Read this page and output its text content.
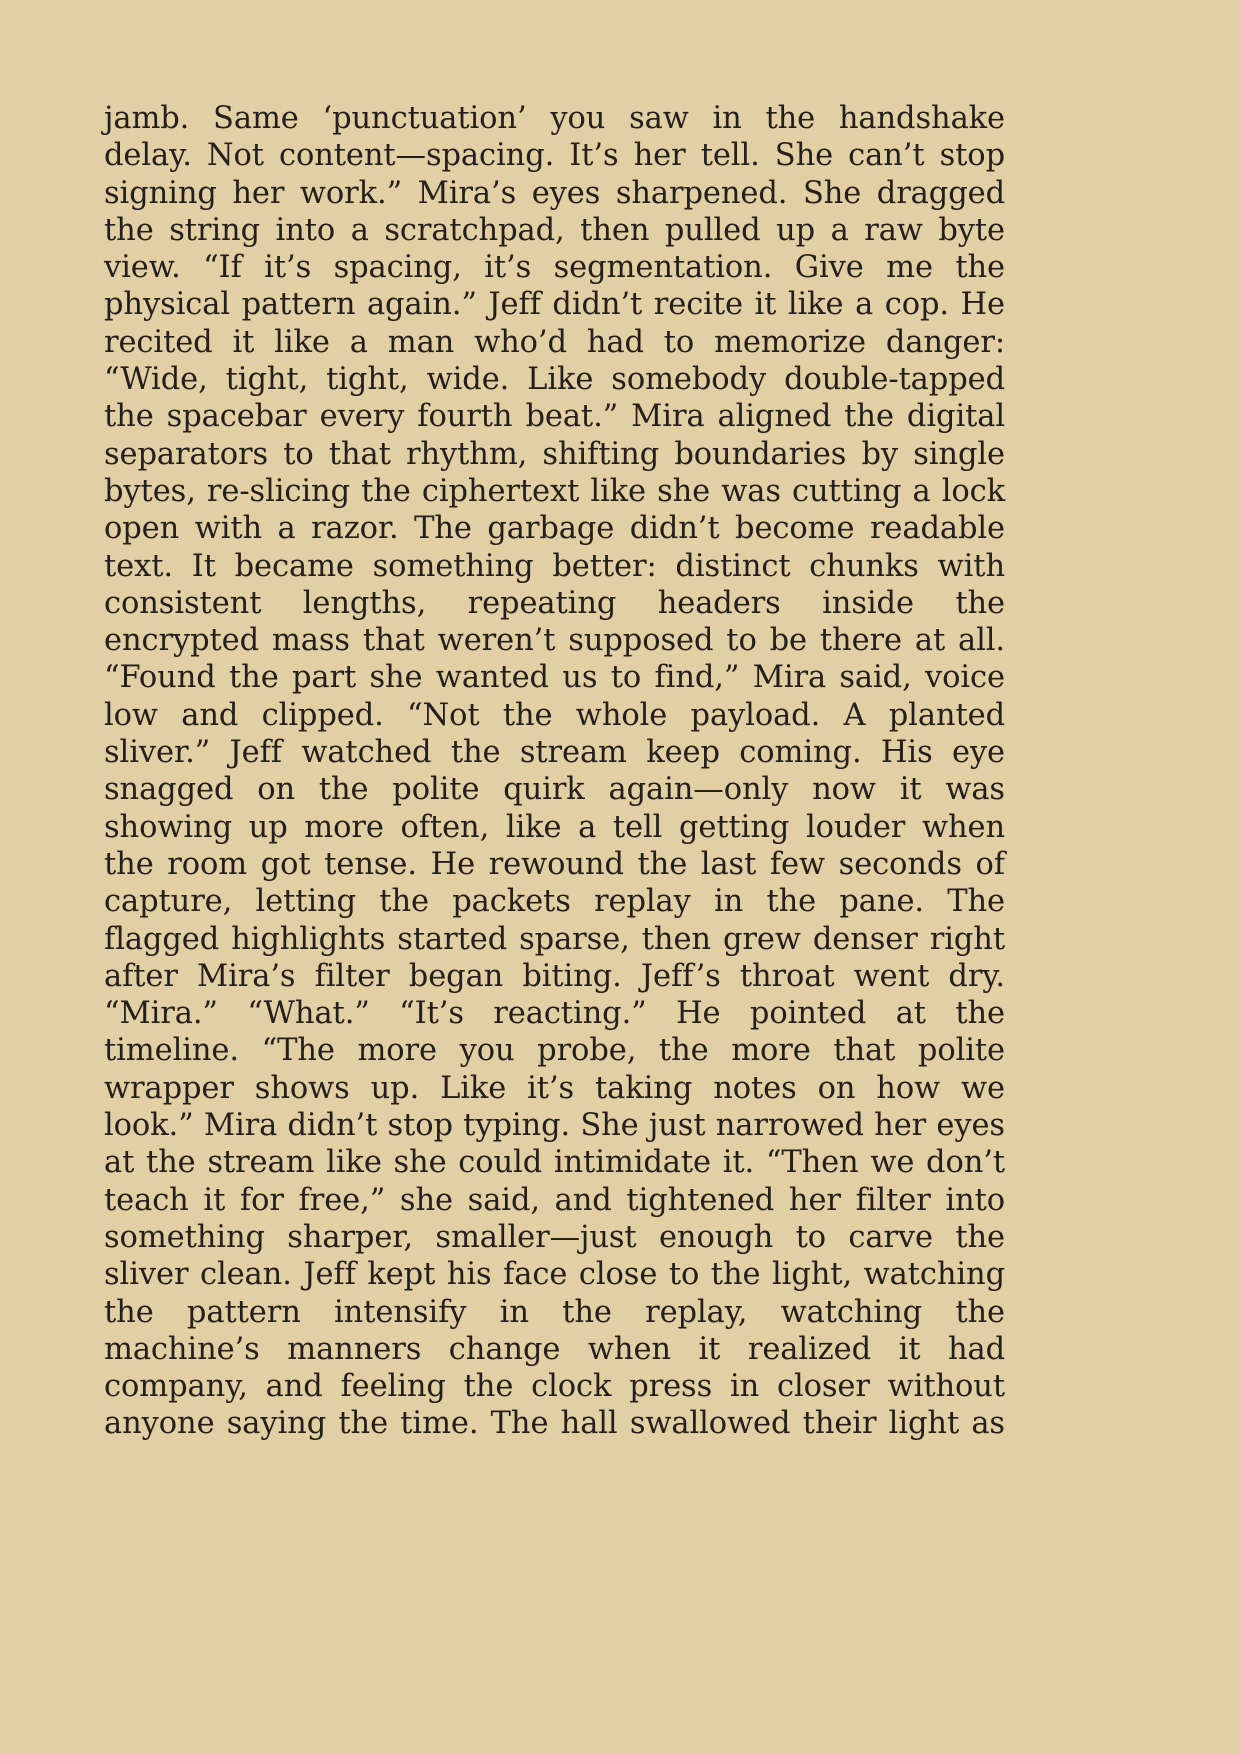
jamb. Same ‘punctuation’ you saw in the handshake delay. Not content—spacing. It’s her tell. She can’t stop signing her work.” Mira’s eyes sharpened. She dragged the string into a scratchpad, then pulled up a raw byte view. “If it’s spacing, it’s segmentation. Give me the physical pattern again.” Jeff didn’t recite it like a cop. He recited it like a man who’d had to memorize danger: “Wide, tight, tight, wide. Like somebody double-tapped the spacebar every fourth beat.” Mira aligned the digital separators to that rhythm, shifting boundaries by single bytes, re-slicing the ciphertext like she was cutting a lock open with a razor. The garbage didn’t become readable text. It became something better: distinct chunks with consistent lengths, repeating headers inside the encrypted mass that weren’t supposed to be there at all. “Found the part she wanted us to find,” Mira said, voice low and clipped. “Not the whole payload. A planted sliver.” Jeff watched the stream keep coming. His eye snagged on the polite quirk again—only now it was showing up more often, like a tell getting louder when the room got tense. He rewound the last few seconds of capture, letting the packets replay in the pane. The flagged highlights started sparse, then grew denser right after Mira’s filter began biting. Jeff’s throat went dry. “Mira.” “What.” “It’s reacting.” He pointed at the timeline. “The more you probe, the more that polite wrapper shows up. Like it’s taking notes on how we look.” Mira didn’t stop typing. She just narrowed her eyes at the stream like she could intimidate it. “Then we don’t teach it for free,” she said, and tightened her filter into something sharper, smaller—just enough to carve the sliver clean. Jeff kept his face close to the light, watching the pattern intensify in the replay, watching the machine’s manners change when it realized it had company, and feeling the clock press in closer without anyone saying the time. The hall swallowed their light as
